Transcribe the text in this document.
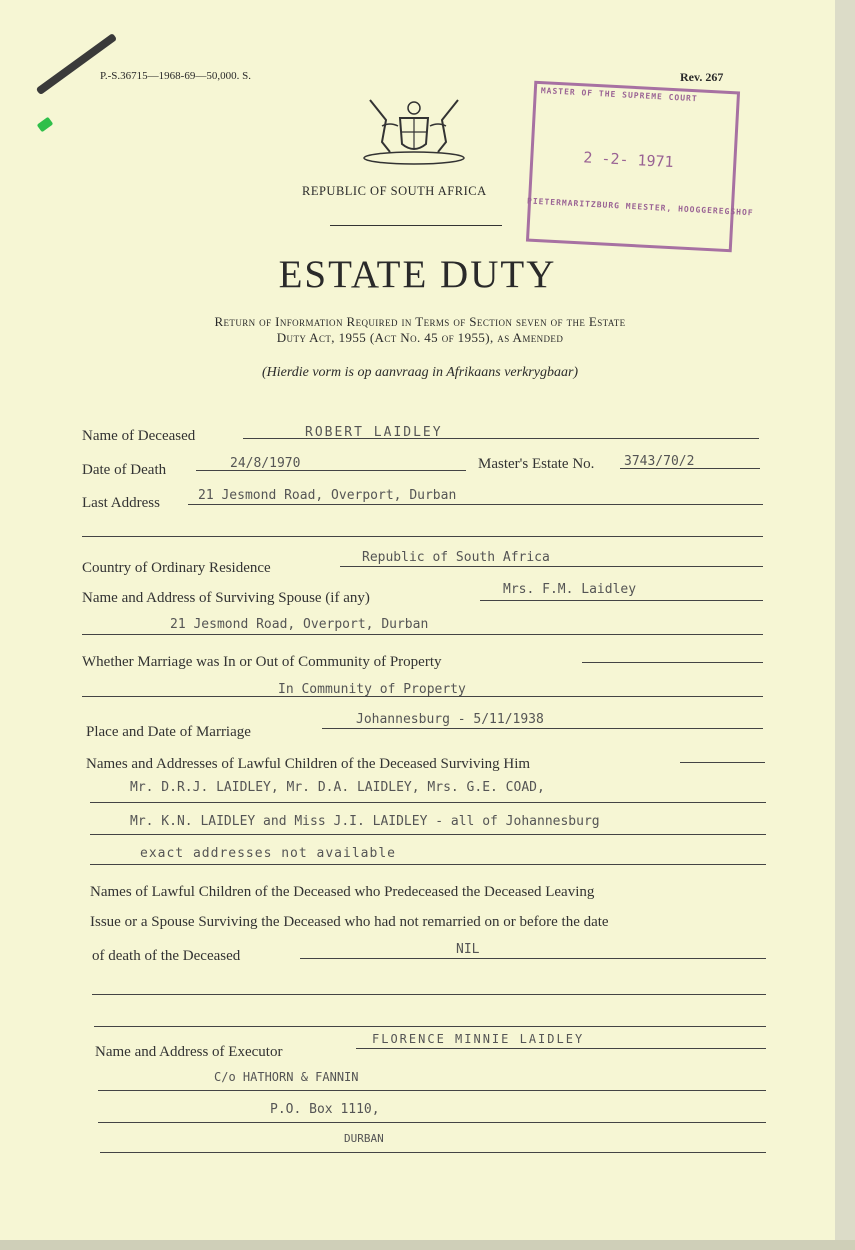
P.-S.36715—1968-69—50,000. S.	Rev. 267
REPUBLIC OF SOUTH AFRICA
MASTER OF THE SUPREME COURT
2 -2- 1971
PIETERMARITZBURG MEESTER, HOOGGEREGSHOF
ESTATE DUTY
Return of Information Required in Terms of Section seven of the Estate
Duty Act, 1955 (Act No. 45 of 1955), as Amended
(Hierdie vorm is op aanvraag in Afrikaans verkrygbaar)
Name of Deceased	ROBERT LAIDLEY
Date of Death	24/8/1970	Master's Estate No. 3743/70/2
Last Address	21 Jesmond Road, Overport, Durban
Country of Ordinary Residence
Republic of South Africa
Name and Address of Surviving Spouse (if any)
Mrs. F.M. Laidley
21 Jesmond Road, Overport, Durban
Whether Marriage was In or Out of Community of Property
In Community of Property
Place and Date of Marriage
Johannesburg - 5/11/1938
Names and Addresses of Lawful Children of the Deceased Surviving Him
Mr. D.R.J. LAIDLEY, Mr. D.A. LAIDLEY, Mrs. G.E. COAD,
Mr. K.N. LAIDLEY and Miss J.I. LAIDLEY - all of Johannesburg
exact addresses not available
Names of Lawful Children of the Deceased who Predeceased the Deceased Leaving
Issue or a Spouse Surviving the Deceased who had not remarried on or before the date
of death of the Deceased	NIL
Name and Address of Executor
FLORENCE MINNIE LAIDLEY
C/o HATHORN & FANNIN
P.O. Box 1110,
DURBAN
